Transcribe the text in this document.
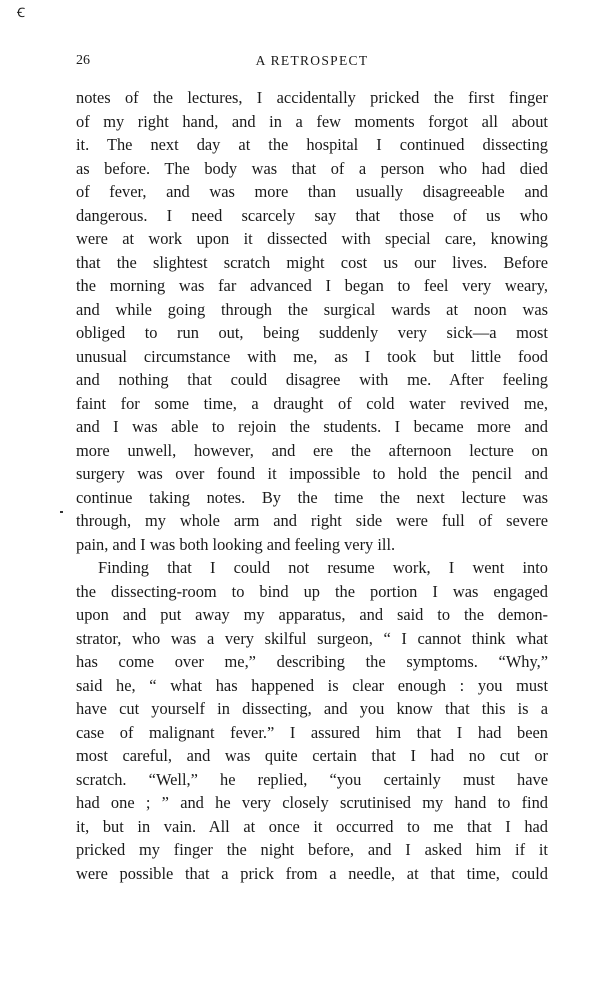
Ꞓ
26	A RETROSPECT
notes of the lectures, I accidentally pricked the first finger
of my right hand, and in a few moments forgot all about
it. The next day at the hospital I continued dissecting
as before. The body was that of a person who had died
of fever, and was more than usually disagreeable and
dangerous. I need scarcely say that those of us who
were at work upon it dissected with special care, knowing
that the slightest scratch might cost us our lives. Before
the morning was far advanced I began to feel very weary,
and while going through the surgical wards at noon was
obliged to run out, being suddenly very sick—a most
unusual circumstance with me, as I took but little food
and nothing that could disagree with me. After feeling
faint for some time, a draught of cold water revived me,
and I was able to rejoin the students. I became more and
more unwell, however, and ere the afternoon lecture on
surgery was over found it impossible to hold the pencil and
continue taking notes. By the time the next lecture was
through, my whole arm and right side were full of severe
pain, and I was both looking and feeling very ill.
Finding that I could not resume work, I went into
the dissecting-room to bind up the portion I was engaged
upon and put away my apparatus, and said to the demon-
strator, who was a very skilful surgeon, “ I cannot think what
has come over me,” describing the symptoms. “Why,”
said he, “ what has happened is clear enough : you must
have cut yourself in dissecting, and you know that this is a
case of malignant fever.” I assured him that I had been
most careful, and was quite certain that I had no cut or
scratch. “Well,” he replied, “you certainly must have
had one ; ” and he very closely scrutinised my hand to find
it, but in vain. All at once it occurred to me that I had
pricked my finger the night before, and I asked him if it
were possible that a prick from a needle, at that time, could
